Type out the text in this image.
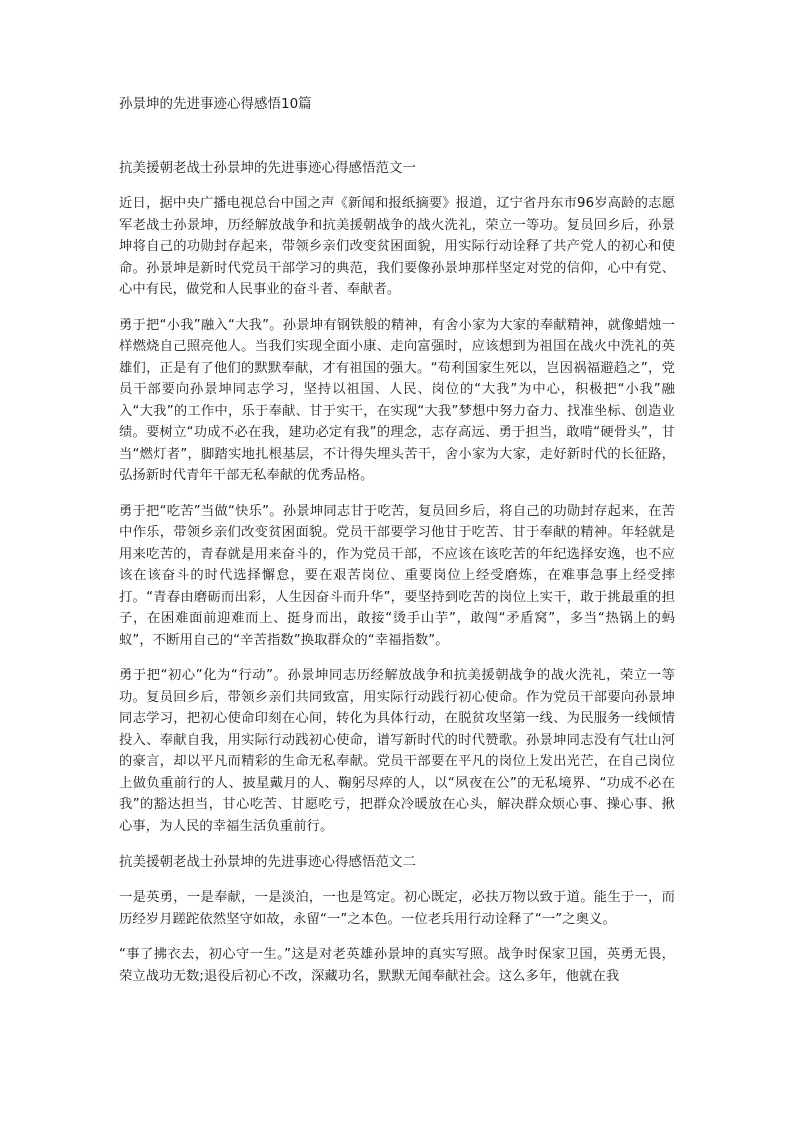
孙景坤的先进事迹心得感悟10篇
抗美援朝老战士孙景坤的先进事迹心得感悟范文一

近日，据中央广播电视总台中国之声《新闻和报纸摘要》报道，辽宁省丹东市96岁高龄的志愿军老战士孙景坤，历经解放战争和抗美援朝战争的战火洗礼，荣立一等功。复员回乡后，孙景坤将自己的功勋封存起来，带领乡亲们改变贫困面貌，用实际行动诠释了共产党人的初心和使命。孙景坤是新时代党员干部学习的典范，我们要像孙景坤那样坚定对党的信仰，心中有党、心中有民，做党和人民事业的奋斗者、奉献者。

勇于把“小我”融入“大我”。孙景坤有钢铁般的精神，有舍小家为大家的奉献精神，就像蜡烛一样燃烧自己照亮他人。当我们实现全面小康、走向富强时，应该想到为祖国在战火中洗礼的英雄们，正是有了他们的默默奉献，才有祖国的强大。“苟利国家生死以，岂因祸福避趋之”，党员干部要向孙景坤同志学习，坚持以祖国、人民、岗位的“大我”为中心，积极把“小我”融入“大我”的工作中，乐于奉献、甘于实干，在实现“大我”梦想中努力奋力、找准坐标、创造业绩。要树立“功成不必在我，建功必定有我”的理念，志存高远、勇于担当，敢啃“硬骨头”，甘当“燃灯者”，脚踏实地扎根基层，不计得失埋头苦干，舍小家为大家，走好新时代的长征路，弘扬新时代青年干部无私奉献的优秀品格。

勇于把“吃苦”当做“快乐”。孙景坤同志甘于吃苦，复员回乡后，将自己的功勋封存起来，在苦中作乐，带领乡亲们改变贫困面貌。党员干部要学习他甘于吃苦、甘于奉献的精神。年轻就是用来吃苦的，青春就是用来奋斗的，作为党员干部，不应该在该吃苦的年纪选择安逸，也不应该在该奋斗的时代选择懈怠，要在艰苦岗位、重要岗位上经受磨炼，在难事急事上经受摔打。“青春由磨砺而出彩，人生因奋斗而升华”，要坚持到吃苦的岗位上实干，敢于挑最重的担子，在困难面前迎难而上、挺身而出，敢接“烫手山芋”，敢闯“矛盾窝”，多当“热锅上的蚂蚁”，不断用自己的“辛苦指数”换取群众的“幸福指数”。

勇于把“初心”化为“行动”。孙景坤同志历经解放战争和抗美援朝战争的战火洗礼，荣立一等功。复员回乡后，带领乡亲们共同致富，用实际行动践行初心使命。作为党员干部要向孙景坤同志学习，把初心使命印刻在心间，转化为具体行动，在脱贫攻坚第一线、为民服务一线倾情投入、奉献自我，用实际行动践初心使命，谱写新时代的时代赞歌。孙景坤同志没有气壮山河的豪言，却以平凡而精彩的生命无私奉献。党员干部要在平凡的岗位上发出光芒，在自己岗位上做负重前行的人、披星戴月的人、鞠躬尽瘁的人，以“夙夜在公”的无私境界、“功成不必在我”的豁达担当，甘心吃苦、甘愿吃亏，把群众冷暖放在心头，解决群众烦心事、操心事、揪心事，为人民的幸福生活负重前行。

抗美援朝老战士孙景坤的先进事迹心得感悟范文二

一是英勇，一是奉献，一是淡泊，一也是笃定。初心既定，必扶万物以致于道。能生于一，而历经岁月蹉跎依然坚守如故，永留“一”之本色。一位老兵用行动诠释了“一”之奥义。

“事了拂衣去，初心守一生。”这是对老英雄孙景坤的真实写照。战争时保家卫国，英勇无畏，荣立战功无数;退役后初心不改，深藏功名，默默无闻奉献社会。这么多年，他就在我
